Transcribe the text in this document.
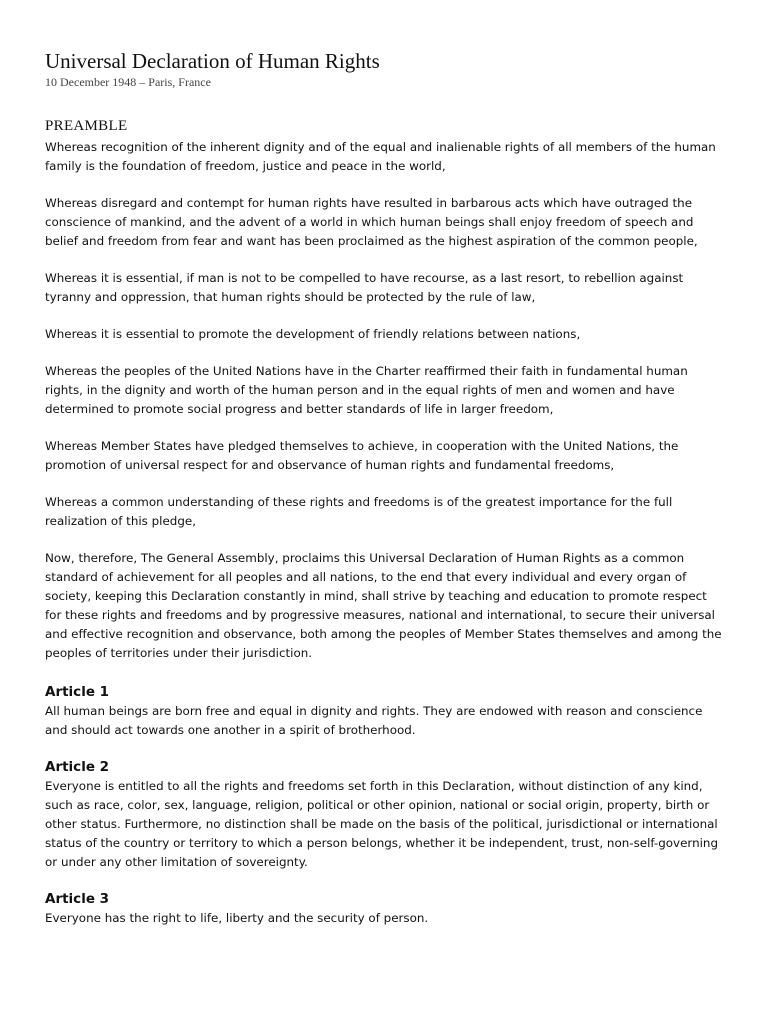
Universal Declaration of Human Rights

10 December 1948 – Paris, France

PREAMBLE

Whereas recognition of the inherent dignity and of the equal and inalienable rights of all members of the human family is the foundation of freedom, justice and peace in the world,

Whereas disregard and contempt for human rights have resulted in barbarous acts which have outraged the conscience of mankind, and the advent of a world in which human beings shall enjoy freedom of speech and belief and freedom from fear and want has been proclaimed as the highest aspiration of the common people,

Whereas it is essential, if man is not to be compelled to have recourse, as a last resort, to rebellion against tyranny and oppression, that human rights should be protected by the rule of law,

Whereas it is essential to promote the development of friendly relations between nations,

Whereas the peoples of the United Nations have in the Charter reaffirmed their faith in fundamental human rights, in the dignity and worth of the human person and in the equal rights of men and women and have determined to promote social progress and better standards of life in larger freedom,

Whereas Member States have pledged themselves to achieve, in cooperation with the United Nations, the promotion of universal respect for and observance of human rights and fundamental freedoms,

Whereas a common understanding of these rights and freedoms is of the greatest importance for the full realization of this pledge,

Now, therefore, The General Assembly, proclaims this Universal Declaration of Human Rights as a common standard of achievement for all peoples and all nations, to the end that every individual and every organ of society, keeping this Declaration constantly in mind, shall strive by teaching and education to promote respect for these rights and freedoms and by progressive measures, national and international, to secure their universal and effective recognition and observance, both among the peoples of Member States themselves and among the peoples of territories under their jurisdiction.

Article 1

All human beings are born free and equal in dignity and rights. They are endowed with reason and conscience and should act towards one another in a spirit of brotherhood.

Article 2

Everyone is entitled to all the rights and freedoms set forth in this Declaration, without distinction of any kind, such as race, color, sex, language, religion, political or other opinion, national or social origin, property, birth or other status. Furthermore, no distinction shall be made on the basis of the political, jurisdictional or international status of the country or territory to which a person belongs, whether it be independent, trust, non-self-governing or under any other limitation of sovereignty.

Article 3

Everyone has the right to life, liberty and the security of person.
